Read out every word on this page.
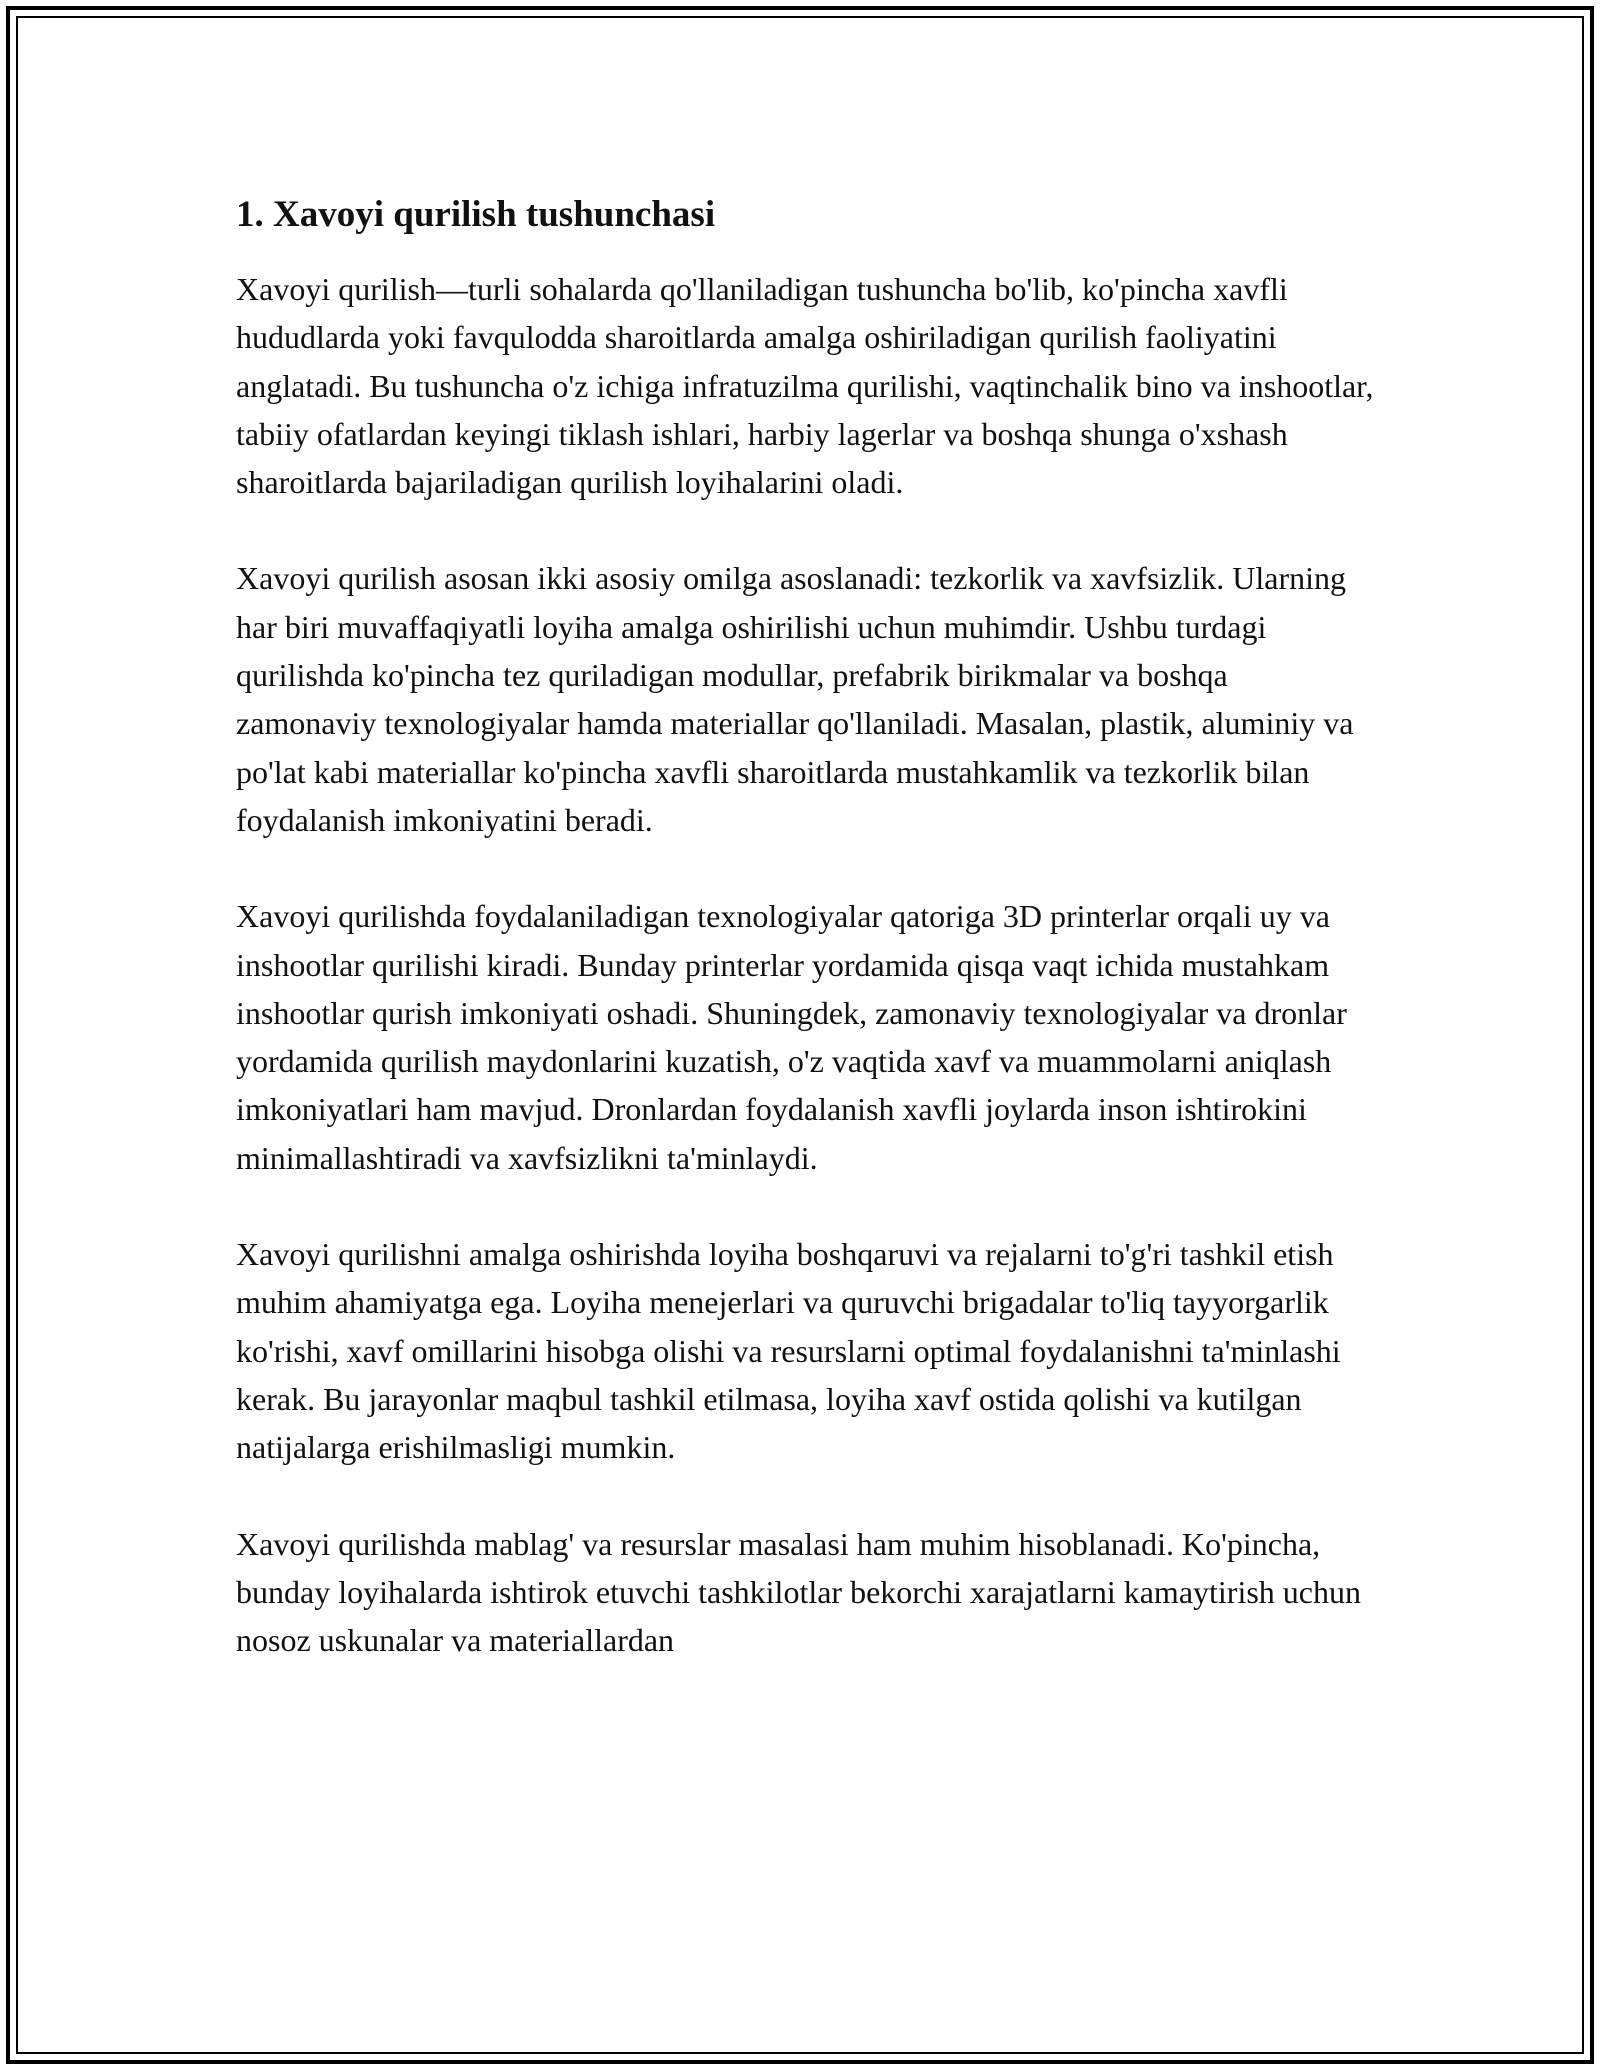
1. Xavoyi qurilish tushunchasi

Xavoyi qurilish—turli sohalarda qo'llaniladigan tushuncha bo'lib, ko'pincha xavfli hududlarda yoki favqulodda sharoitlarda amalga oshiriladigan qurilish faoliyatini anglatadi. Bu tushuncha o'z ichiga infratuzilma qurilishi, vaqtinchalik bino va inshootlar, tabiiy ofatlardan keyingi tiklash ishlari, harbiy lagerlar va boshqa shunga o'xshash sharoitlarda bajariladigan qurilish loyihalarini oladi.

Xavoyi qurilish asosan ikki asosiy omilga asoslanadi: tezkorlik va xavfsizlik. Ularning har biri muvaffaqiyatli loyiha amalga oshirilishi uchun muhimdir. Ushbu turdagi qurilishda ko'pincha tez quriladigan modullar, prefabrik birikmalar va boshqa zamonaviy texnologiyalar hamda materiallar qo'llaniladi. Masalan, plastik, aluminiy va po'lat kabi materiallar ko'pincha xavfli sharoitlarda mustahkamlik va tezkorlik bilan foydalanish imkoniyatini beradi.

Xavoyi qurilishda foydalaniladigan texnologiyalar qatoriga 3D printerlar orqali uy va inshootlar qurilishi kiradi. Bunday printerlar yordamida qisqa vaqt ichida mustahkam inshootlar qurish imkoniyati oshadi. Shuningdek, zamonaviy texnologiyalar va dronlar yordamida qurilish maydonlarini kuzatish, o'z vaqtida xavf va muammolarni aniqlash imkoniyatlari ham mavjud. Dronlardan foydalanish xavfli joylarda inson ishtirokini minimallashtiradi va xavfsizlikni ta'minlaydi.

Xavoyi qurilishni amalga oshirishda loyiha boshqaruvi va rejalarni to'g'ri tashkil etish muhim ahamiyatga ega. Loyiha menejerlari va quruvchi brigadalar to'liq tayyorgarlik ko'rishi, xavf omillarini hisobga olishi va resurslarni optimal foydalanishni ta'minlashi kerak. Bu jarayonlar maqbul tashkil etilmasa, loyiha xavf ostida qolishi va kutilgan natijalarga erishilmasligi mumkin.

Xavoyi qurilishda mablag' va resurslar masalasi ham muhim hisoblanadi. Ko'pincha, bunday loyihalarda ishtirok etuvchi tashkilotlar bekorchi xarajatlarni kamaytirish uchun nosoz uskunalar va materiallardan
